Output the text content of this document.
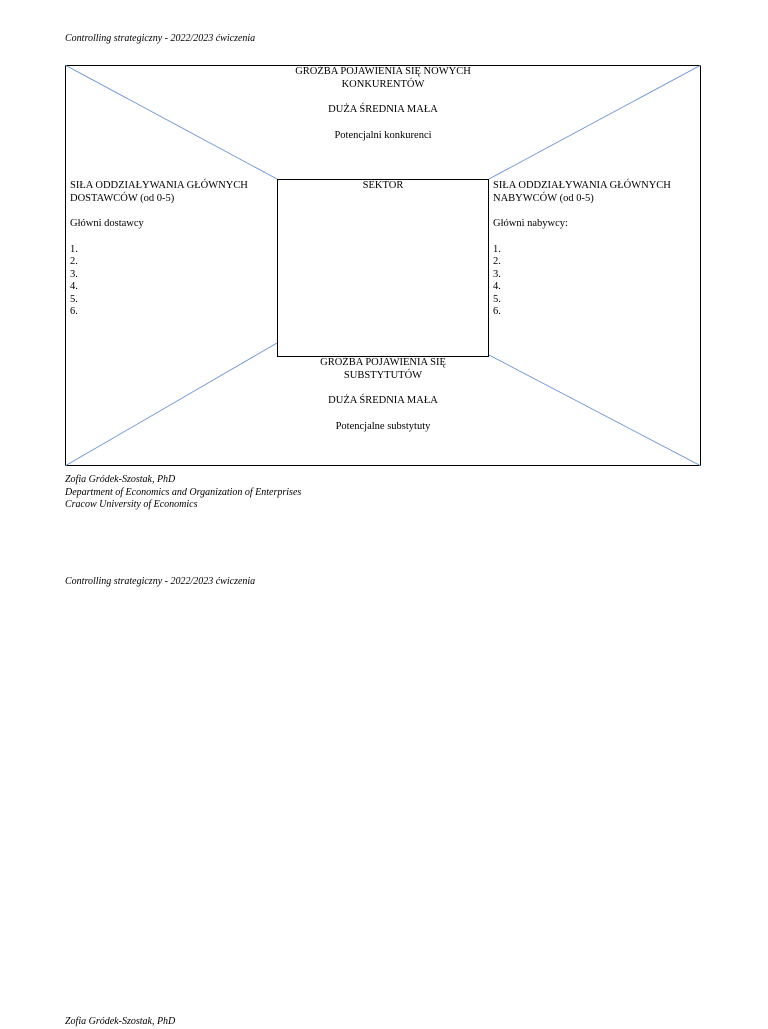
Controlling strategiczny - 2022/2023 ćwiczenia
GROŹBA POJAWIENIA SIĘ NOWYCH
KONKURENTÓW
DUŻA ŚREDNIA MAŁA
Potencjalni konkurenci
SEKTOR
SIŁA ODDZIAŁYWANIA GŁÓWNYCH
DOSTAWCÓW (od 0-5)
Główni dostawcy
1.
2.
3.
4.
5.
6.
SIŁA ODDZIAŁYWANIA GŁÓWNYCH
NABYWCÓW (od 0-5)
Główni nabywcy:
1.
2.
3.
4.
5.
6.
GROŹBA POJAWIENIA SIĘ
SUBSTYTUTÓW
DUŻA ŚREDNIA MAŁA
Potencjalne substytuty
Zofia Gródek-Szostak, PhD
Department of Economics and Organization of Enterprises
Cracow University of Economics
Controlling strategiczny - 2022/2023 ćwiczenia
Zofia Gródek-Szostak, PhD
